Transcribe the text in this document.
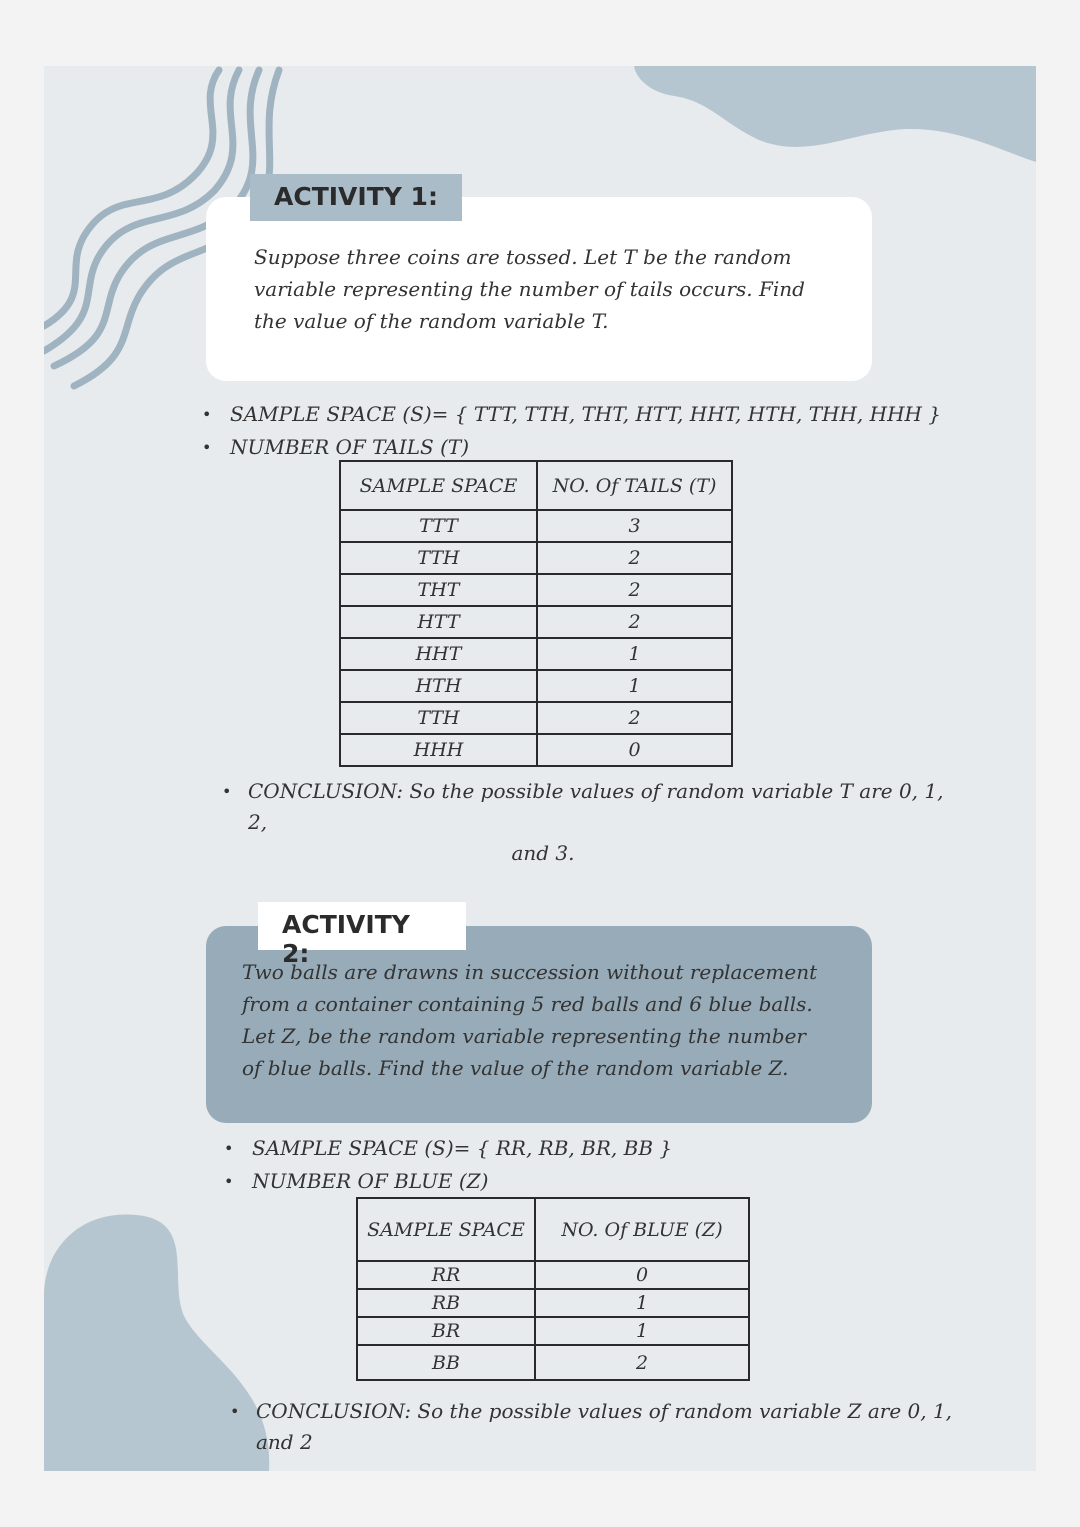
Suppose three coins are tossed. Let T be the random variable representing the number of tails occurs. Find the value of the random variable T.
ACTIVITY 1:
• SAMPLE SPACE (S)= { TTT, TTH, THT, HTT, HHT, HTH, THH, HHH }
• NUMBER OF TAILS (T)
SAMPLE SPACE	NO. Of TAILS (T)
TTT	3
TTH	2
THT	2
HTT	2
HHT	1
HTH	1
TTH	2
HHH	0
• CONCLUSION: So the possible values of random variable T are 0, 1, 2,
and 3.
Two balls are drawns in succession without replacement from a container containing 5 red balls and 6 blue balls. Let Z, be the random variable representing the number of blue balls. Find the value of the random variable Z.
ACTIVITY 2:
• SAMPLE SPACE (S)= { RR, RB, BR, BB }
• NUMBER OF BLUE (Z)
SAMPLE SPACE	NO. Of BLUE (Z)
RR	0
RB	1
BR	1
BB	2
• CONCLUSION: So the possible values of random variable Z are 0, 1, and 2
